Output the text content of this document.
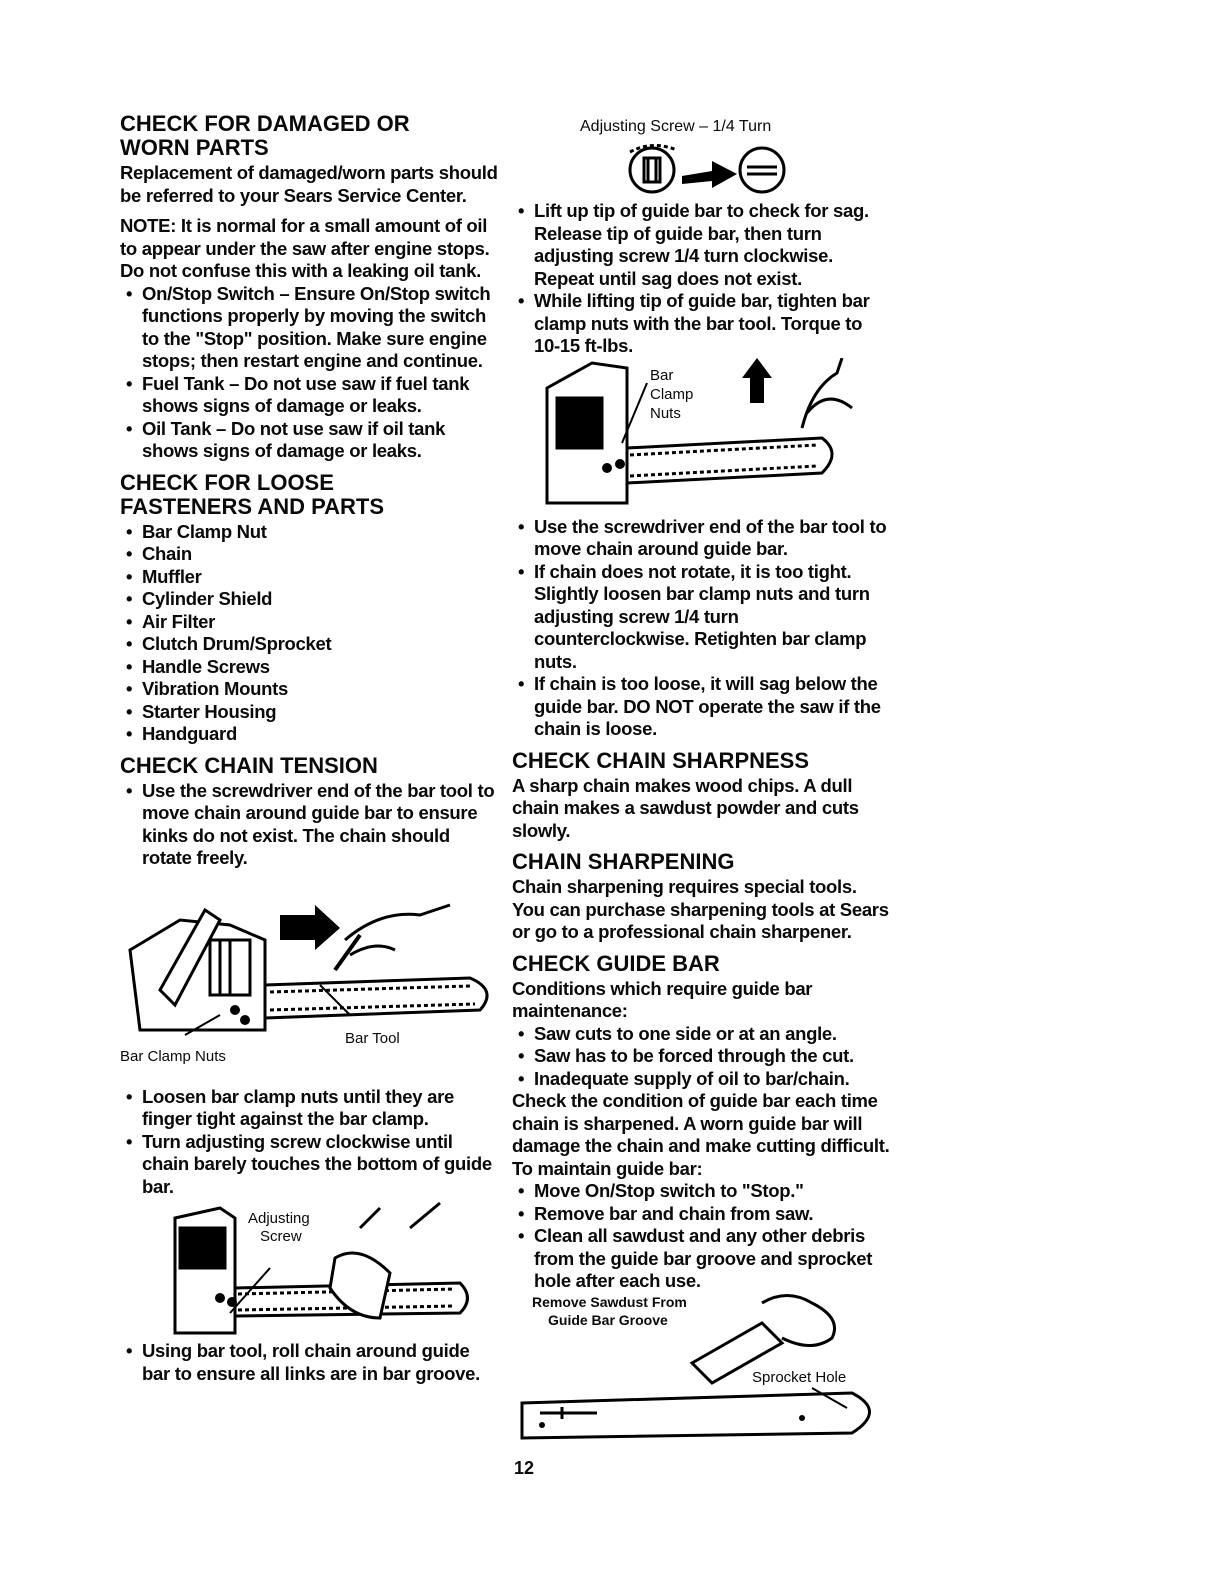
CHECK FOR DAMAGED OR
WORN PARTS

Replacement of damaged/worn parts should be referred to your Sears Service Center.

NOTE: It is normal for a small amount of oil to appear under the saw after engine stops. Do not confuse this with a leaking oil tank.

• On/Stop Switch – Ensure On/Stop switch functions properly by moving the switch to the "Stop" position. Make sure engine stops; then restart engine and continue.
• Fuel Tank – Do not use saw if fuel tank shows signs of damage or leaks.
• Oil Tank – Do not use saw if oil tank shows signs of damage or leaks.
CHECK FOR LOOSE
FASTENERS AND PARTS
• Bar Clamp Nut
• Chain
• Muffler
• Cylinder Shield
• Air Filter
• Clutch Drum/Sprocket
• Handle Screws
• Vibration Mounts
• Starter Housing
• Handguard
CHECK CHAIN TENSION
• Use the screwdriver end of the bar tool to move chain around guide bar to ensure kinks do not exist. The chain should rotate freely.
Bar Tool
Bar Clamp Nuts
• Loosen bar clamp nuts until they are finger tight against the bar clamp.
• Turn adjusting screw clockwise until chain barely touches the bottom of guide bar.
Adjusting
Screw
• Using bar tool, roll chain around guide bar to ensure all links are in bar groove.
Adjusting Screw – 1/4 Turn
• Lift up tip of guide bar to check for sag. Release tip of guide bar, then turn adjusting screw 1/4 turn clockwise. Repeat until sag does not exist.
• While lifting tip of guide bar, tighten bar clamp nuts with the bar tool. Torque to 10-15 ft-lbs.
Bar
Clamp
Nuts
• Use the screwdriver end of the bar tool to move chain around guide bar.
• If chain does not rotate, it is too tight. Slightly loosen bar clamp nuts and turn adjusting screw 1/4 turn counterclockwise. Retighten bar clamp nuts.
• If chain is too loose, it will sag below the guide bar. DO NOT operate the saw if the chain is loose.
CHECK CHAIN SHARPNESS

A sharp chain makes wood chips. A dull chain makes a sawdust powder and cuts slowly.

CHAIN SHARPENING

Chain sharpening requires special tools. You can purchase sharpening tools at Sears or go to a professional chain sharpener.

CHECK GUIDE BAR

Conditions which require guide bar maintenance:

• Saw cuts to one side or at an angle.
• Saw has to be forced through the cut.
• Inadequate supply of oil to bar/chain.

Check the condition of guide bar each time chain is sharpened. A worn guide bar will damage the chain and make cutting difficult. To maintain guide bar:

• Move On/Stop switch to "Stop."
• Remove bar and chain from saw.
• Clean all sawdust and any other debris from the guide bar groove and sprocket hole after each use.
Remove Sawdust From
Guide Bar Groove
Sprocket Hole
12
